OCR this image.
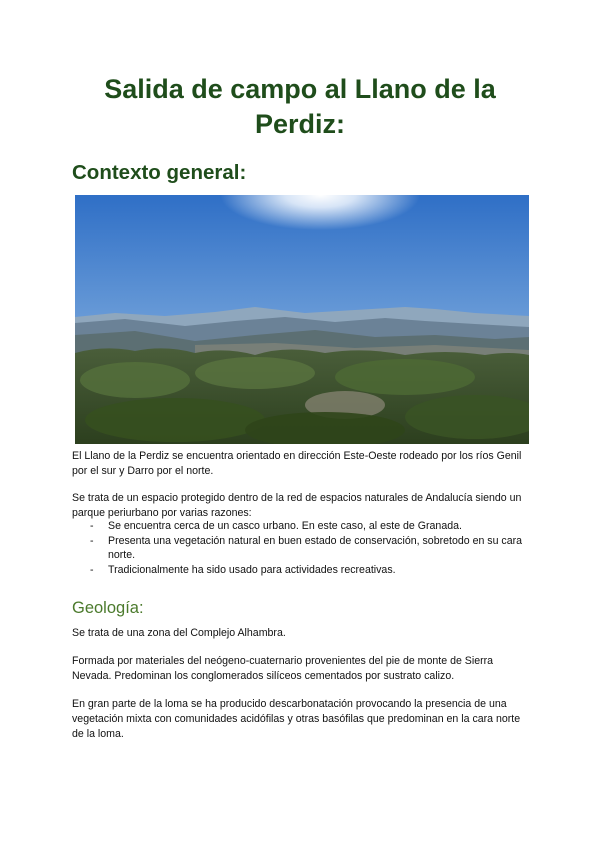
Salida de campo al Llano de la Perdiz:
Contexto general:

El Llano de la Perdiz se encuentra orientado en dirección Este-Oeste rodeado por los ríos Genil por el sur y Darro por el norte.

Se trata de un espacio protegido dentro de la red de espacios naturales de Andalucía siendo un parque periurbano por varias razones:

- Se encuentra cerca de un casco urbano. En este caso, al este de Granada.
- Presenta una vegetación natural en buen estado de conservación, sobretodo en su cara norte.
- Tradicionalmente ha sido usado para actividades recreativas.
Geología:

Se trata de una zona del Complejo Alhambra.

Formada por materiales del neógeno-cuaternario provenientes del pie de monte de Sierra Nevada. Predominan los conglomerados silíceos cementados por sustrato calizo.

En gran parte de la loma se ha producido descarbonatación provocando la presencia de una vegetación mixta con comunidades acidófilas y otras basófilas que predominan en la cara norte de la loma.
